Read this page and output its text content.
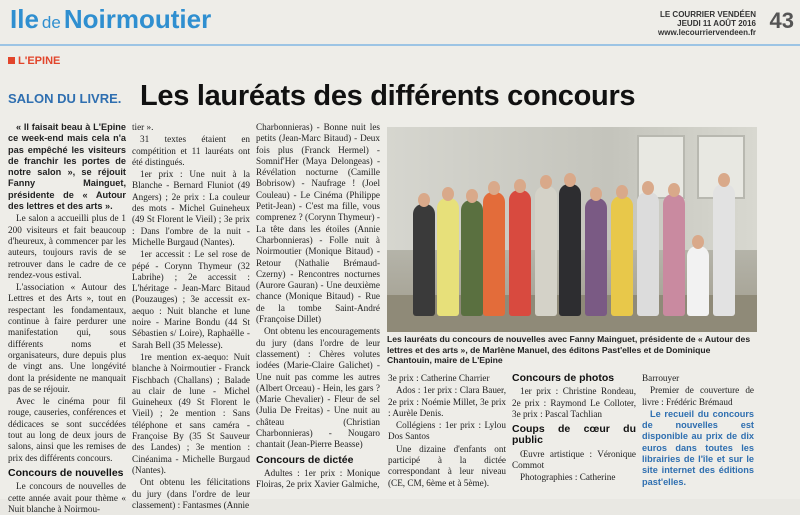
Ile de Noirmoutier	LE COURRIER VENDÉEN
JEUDI 11 AOÛT 2016
www.lecourriervendeen.fr 43
L'EPINE
SALON DU LIVRE. Les lauréats des différents concours

« Il faisait beau à L'Epine ce week-end mais cela n'a pas empêché les visiteurs de franchir les portes de notre salon », se réjouit Fanny Mainguet, présidente de « Autour des lettres et des arts ».

Le salon a accueilli plus de 1 200 visiteurs et fait beaucoup d'heureux, à commencer par les auteurs, toujours ravis de se retrouver dans le cadre de ce rendez-vous estival.

L'association « Autour des Lettres et des Arts », tout en respectant les fondamentaux, continue à faire perdurer une manifestation qui, sous différents noms et organisateurs, dure depuis plus de vingt ans. Une longévité dont la présidente ne manquait pas de se réjouir.

Avec le cinéma pour fil rouge, causeries, conférences et dédicaces se sont succédées tout au long de deux jours de salons, ainsi que les remises de prix des différents concours.

Concours de nouvelles

Le concours de nouvelles de cette année avait pour thème « Nuit blanche à Noirmou-

tier ».

31 textes étaient en compétition et 11 lauréats ont été distingués.

1er prix : Une nuit à la Blanche - Bernard Fluniot (49 Angers) ; 2e prix : La couleur des mots - Michel Guineheux (49 St Florent le Vieil) ; 3e prix : Dans l'ombre de la nuit - Michelle Burgaud (Nantes).

1er accessit : Le sel rose de pépé - Corynn Thymeur (32 Labrihe) ; 2e accessit : L'héritage - Jean-Marc Bitaud (Pouzauges) ; 3e accessit ex-aequo : Nuit blanche et lune noire - Marine Bondu (44 St Sébastien s/ Loire), Raphaëlle - Sarah Bell (35 Melesse).

1re mention ex-aequo: Nuit blanche à Noirmoutier - Franck Fischbach (Challans) ; Balade au clair de lune - Michel Guineheux (49 St Florent le Vieil) ; 2e mention : Sans téléphone et sans caméra - Françoise By (35 St Sauveur des Landes) ; 3e mention : Cinéanima - Michelle Burgaud (Nantes).

Ont obtenu les félicitations du jury (dans l'ordre de leur classement) : Fantasmes (Annie

Charbonnieras) - Bonne nuit les petits (Jean-Marc Bitaud) - Deux fois plus (Franck Hermel) - Somnif'Her (Maya Delongeas) - Révélation nocturne (Camille Bobrisow) - Naufrage ! (Joel Couleau) - Le Cinéma (Philippe Petit-Jean) - C'est ma fille, vous comprenez ? (Corynn Thymeur) - La tête dans les étoiles (Annie Charbonnieras) - Folle nuit à Noirmoutier (Monique Bitaud) - Retour (Nathalie Brémaud-Czerny) - Rencontres nocturnes (Aurore Gauran) - Une deuxième chance (Monique Bitaud) - Rue de la tombe Saint-André (Françoise Dillet)

Ont obtenu les encouragements du jury (dans l'ordre de leur classement) : Chères volutes iodées (Marie-Claire Galichet) - Une nuit pas comme les autres (Albert Orceau) - Hein, les gars ? (Marie Chevalier) - Fleur de sel (Julia De Freitas) - Une nuit au château (Christian Charbonnieras) - Nougaro chantait (Jean-Pierre Beasse)

Concours de dictée

Adultes : 1er prix : Monique Floiras, 2e prix Xavier Galmiche,

Les lauréats du concours de nouvelles avec Fanny Mainguet, présidente de « Autour des lettres et des arts », de Marlène Manuel, des éditons Past'elles et de Dominique Chantouin, maire de L'Epine

3e prix : Catherine Charrier

Ados : 1er prix : Clara Bauer, 2e prix : Noémie Millet, 3e prix : Aurèle Denis.

Collégiens : 1er prix : Lylou Dos Santos

Une dizaine d'enfants ont participé à la dictée correspondant à leur niveau (CE, CM, 6ème et à 5ème).

Concours de photos

1er prix : Christine Rondeau, 2e prix : Raymond Le Colloter, 3e prix : Pascal Tachlian

Coups de cœur du public

Œuvre artistique : Véronique Commot

Photographies : Catherine

Barrouyer

Premier de couverture de livre : Frédéric Brémaud

Le recueil du concours de nouvelles est disponible au prix de dix euros dans toutes les librairies de l'île et sur le site internet des éditions past'elles.
